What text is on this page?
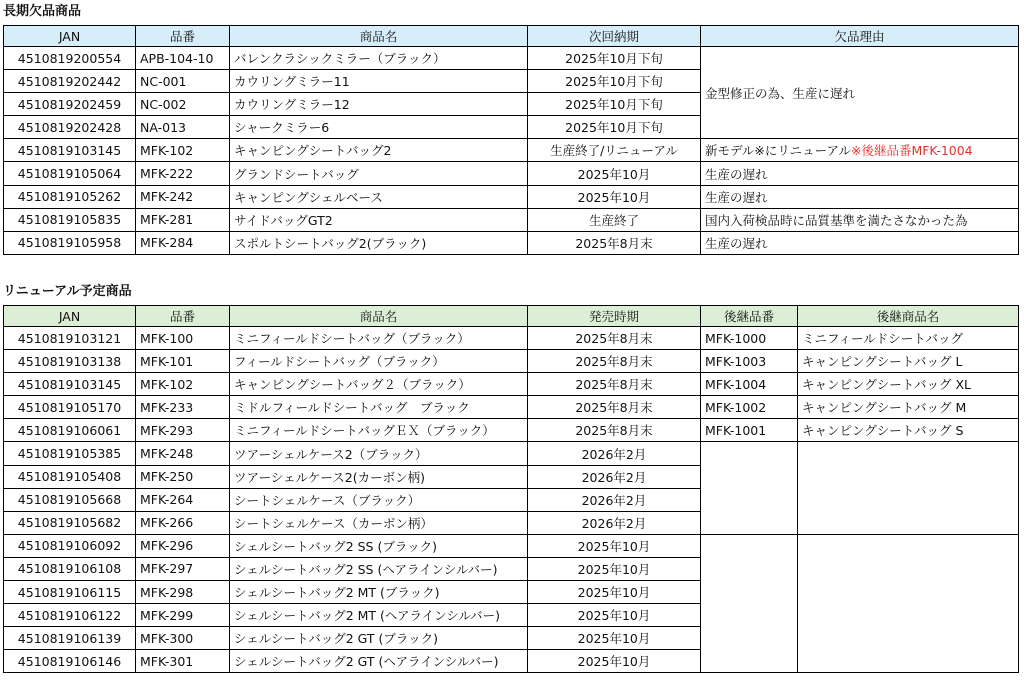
長期欠品商品
JAN	品番	商品名	次回納期	欠品理由
4510819200554	APB-104-10	バレンクラシックミラー（ブラック）	2025年10月下旬	金型修正の為、生産に遅れ
4510819202442	NC-001	カウリングミラー11	2025年10月下旬	
4510819202459	NC-002	カウリングミラー12	2025年10月下旬	
4510819202428	NA-013	シャークミラー6	2025年10月下旬	
4510819103145	MFK-102	キャンピングシートバッグ2	生産終了/リニューアル	新モデル※にリニューアル※後継品番MFK-1004
4510819105064	MFK-222	グランドシートバッグ	2025年10月	生産の遅れ
4510819105262	MFK-242	キャンピングシェルベース	2025年10月	生産の遅れ
4510819105835	MFK-281	サイドバッグGT2	生産終了	国内入荷検品時に品質基準を満たさなかった為
4510819105958	MFK-284	スポルトシートバッグ2(ブラック)	2025年8月末	生産の遅れ
リニューアル予定商品
JAN	品番	商品名	発売時期	後継品番	後継商品名
4510819103121	MFK-100	ミニフィールドシートバッグ（ブラック）	2025年8月末	MFK-1000	ミニフィールドシートバッグ
4510819103138	MFK-101	フィールドシートバッグ（ブラック）	2025年8月末	MFK-1003	キャンピングシートバッグ L
4510819103145	MFK-102	キャンピングシートバッグ２（ブラック）	2025年8月末	MFK-1004	キャンピングシートバッグ XL
4510819105170	MFK-233	ミドルフィールドシートバッグ　ブラック	2025年8月末	MFK-1002	キャンピングシートバッグ M
4510819106061	MFK-293	ミニフィールドシートバッグＥＸ（ブラック）	2025年8月末	MFK-1001	キャンピングシートバッグ S
4510819105385	MFK-248	ツアーシェルケース2（ブラック）	2026年2月		
4510819105408	MFK-250	ツアーシェルケース2(カーボン柄)	2026年2月		
4510819105668	MFK-264	シートシェルケース（ブラック）	2026年2月		
4510819105682	MFK-266	シートシェルケース（カーボン柄）	2026年2月		
4510819106092	MFK-296	シェルシートバッグ2 SS (ブラック)	2025年10月		
4510819106108	MFK-297	シェルシートバッグ2 SS (ヘアラインシルバー)	2025年10月		
4510819106115	MFK-298	シェルシートバッグ2 MT (ブラック)	2025年10月		
4510819106122	MFK-299	シェルシートバッグ2 MT (ヘアラインシルバー)	2025年10月		
4510819106139	MFK-300	シェルシートバッグ2 GT (ブラック)	2025年10月		
4510819106146	MFK-301	シェルシートバッグ2 GT (ヘアラインシルバー)	2025年10月		
